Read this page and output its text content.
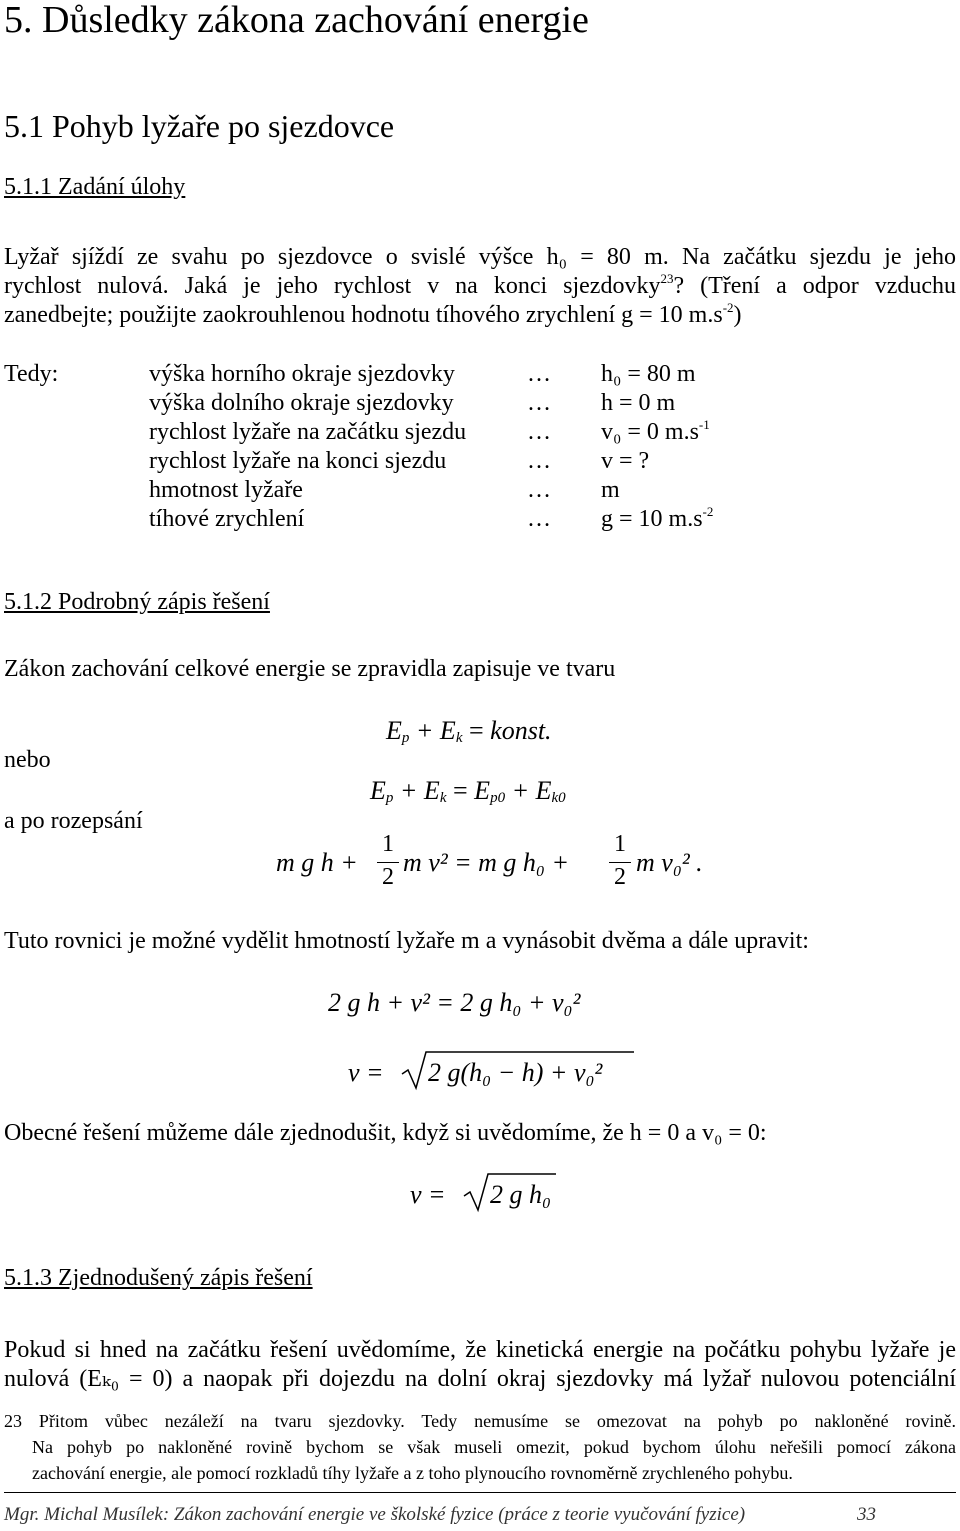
5. Důsledky zákona zachování energie
5.1 Pohyb lyžaře po sjezdovce
5.1.1 Zadání úlohy
Lyžař sjíždí ze svahu po sjezdovce o svislé výšce h₀ = 80 m. Na začátku sjezdu je jeho
rychlost nulová. Jaká je jeho rychlost v na konci sjezdovky$^{23}$? (Tření a odpor vzduchu
zanedbejte; použijte zaokrouhlenou hodnotu tíhového zrychlení g = 10 $m.s^{-2}$)
Tedy:	výška horního okraje sjezdovky	… h₀ = 80 m
výška dolního okraje sjezdovky	… h = 0 m
rychlost lyžaře na začátku sjezdu	… v₀ = 0 $m.s^{-1}$
rychlost lyžaře na konci sjezdu	… v = ?
hmotnost lyžaře	… m
tíhové zrychlení	… g = 10 $m.s^{-2}$
5.1.2 Podrobný zápis řešení
Zákon zachování celkové energie se zpravidla zapisuje ve tvaru
$E_p + E_k$ = konst.
nebo
$E_p + E_k = E_{p0} + E_{k0}$
a po rozepsání
m g h +
1
2 m v² = m g h₀ +
1
2 m v₀² .
Tuto rovnici je možné vydělit hmotností lyžaře m a vynásobit dvěma a dále upravit:
2 g h + v² = 2 g h₀ + v₀²
v = 2 g(h₀ − h) + v₀²
Obecné řešení můžeme dále zjednodušit, když si uvědomíme, že h = 0 a v₀ = 0:
v = 2 g h₀
5.1.3 Zjednodušený zápis řešení
Pokud si hned na začátku řešení uvědomíme, že kinetická energie na počátku pohybu lyžaře je
nulová (Eₖ₀ = 0) a naopak při dojezdu na dolní okraj sjezdovky má lyžař nulovou potenciální
23 Přitom vůbec nezáleží na tvaru sjezdovky. Tedy nemusíme se omezovat na pohyb po nakloněné rovině.
Na pohyb po nakloněné rovině bychom se však museli omezit, pokud bychom úlohu neřešili pomocí zákona
zachování energie, ale pomocí rozkladů tíhy lyžaře a z toho plynoucího rovnoměrně zrychleného pohybu.
Mgr. Michal Musílek: Zákon zachování energie ve školské fyzice (práce z teorie vyučování fyzice)	33
